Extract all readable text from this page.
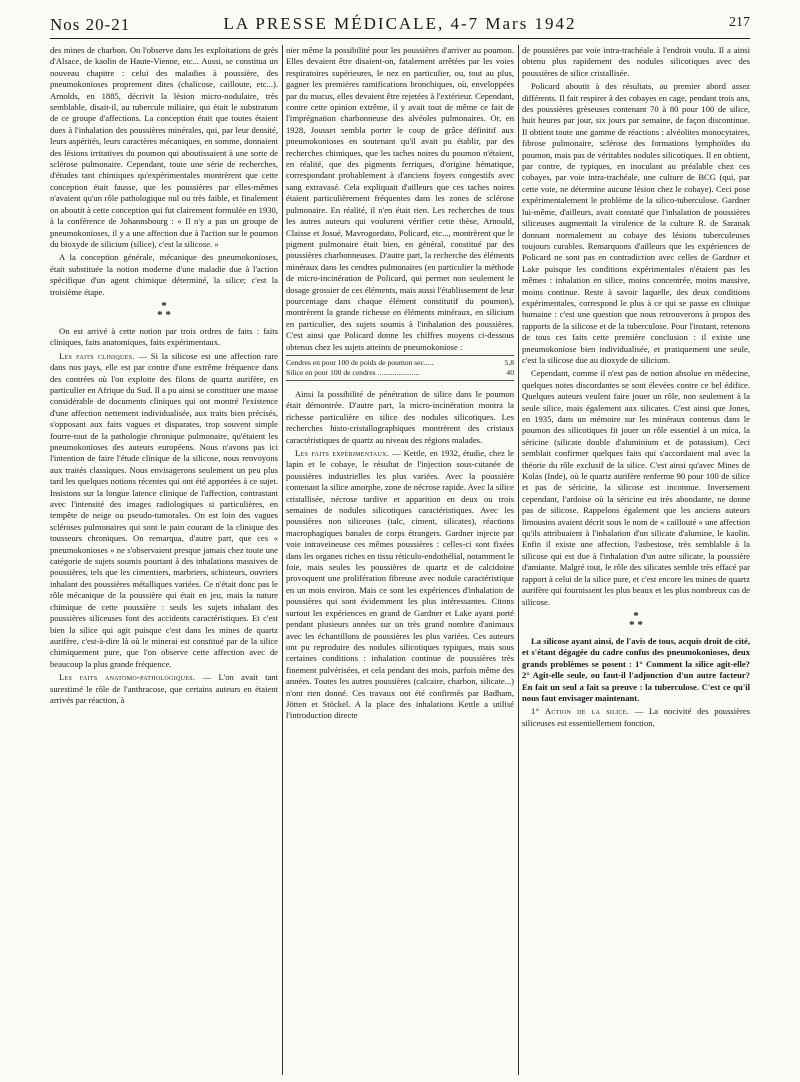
Nos 20-21	LA PRESSE MÉDICALE, 4-7 Mars 1942	217

des mines de charbon. On l'observe dans les exploitations de grès d'Alsace, de kaolin de Haute-Vienne, etc... Aussi, se constitua un nouveau chapitre : celui des maladies à poussière, des pneumokonioses proprement dites (chalicose, cailloute, etc...). Arnolds, en 1885, décrivit la lésion micro-nodulaire, très semblable, disait-il, au tubercule miliaire, qui était le substratum de ce groupe d'affections. La conception était que toutes étaient dues à l'inhalation des poussières minérales, qui, par leur densité, leurs aspérités, leurs caractères mécaniques, en somme, donnaient des lésions irritatives du poumon qui aboutissaient à une sorte de sclérose pulmonaire. Cependant, toute une série de recherches, d'études tant chimiques qu'expérimentales montrèrent que cette conception était fausse, que les poussières par elles-mêmes n'avaient qu'un rôle pathologique nul ou très faible, et finalement on aboutit à cette conception qui fut clairement formulée en 1930, à la conférence de Johannsbourg : « Il n'y a pas un groupe de pneumokonioses, il y a une affection due à l'action sur le poumon du bioxyde de silicium (silice), c'est la silicose. »

A la conception générale, mécanique des pneumokonioses, était substituée la notion moderne d'une maladie due à l'action spécifique d'un agent chimique déterminé, la silice; c'est la troisième étape.

*
* *

On est arrivé à cette notion par trois ordres de faits : faits cliniques, faits anatomiques, faits expérimentaux.

Les faits cliniques. — Si la silicose est une affection rare dans nos pays, elle est par contre d'une extrême fréquence dans des contrées où l'on exploite des filons de quartz aurifère, en particulier en Afrique du Sud. Il a pu ainsi se constituer une masse considérable de documents cliniques qui ont montré l'existence d'une affection nettement individualisée, aux traits bien précisés, s'opposant aux faits vagues et disparates, trop souvent simple fourre-tout de la pathologie chronique pulmonaire, qu'étaient les pneumokonioses des auteurs européens. Nous n'avons pas ici l'intention de faire l'étude clinique de la silicose, nous renvoyons aux traités classiques. Nous envisagerons seulement un peu plus tard les quelques notions récentes qui ont été apportées à ce sujet. Insistons sur la longue latence clinique de l'affection, contrastant avec l'intensité des images radiologiques si particulières, en tempête de neige ou pseudo-tumorales. On est loin des vagues scléroses pulmonaires qui sont le pain courant de la clinique des tousseurs chroniques. On remarqua, d'autre part, que ces « pneumokonioses » ne s'observaient presque jamais chez toute une catégorie de sujets soumis pourtant à des inhalations massives de poussières, tels que les cimentiers, marbriers, schisteurs, ouvriers inhalant des poussières métalliques variées. Ce n'était donc pas le rôle mécanique de la poussière qui était en jeu, mais la nature chimique de cette poussière : seuls les sujets inhalant des poussières siliceuses font des accidents caractéristiques. Et c'est bien la silice qui agit puisque c'est dans les mines de quartz aurifère, c'est-à-dire là où le minerai est constitué par de la silice chimiquement pure, que l'on observe cette affection avec de beaucoup la plus grande fréquence.

Les faits anatomo-pathologiques. — L'on avait tant surestimé le rôle de l'anthracose, que certains auteurs en étaient arrivés par réaction, à

nier même la possibilité pour les poussières d'arriver au poumon. Elles devaient être disaient-on, fatalement arrêtées par les voies respiratoires supérieures, le nez en particulier, ou, tout au plus, gagner les premières ramifications bronchiques, où, enveloppées par du mucus, elles devaient être rejetées à l'extérieur. Cependant, contre cette opinion extrême, il y avait tout de même ce fait de l'imprégnation charbonneuse des alvéoles pulmonaires. Or, en 1928, Jousset sembla porter le coup de grâce définitif aux pneumokonioses en soutenant qu'il avait pu établir, par des recherches chimiques, que les taches noires du poumon n'étaient, en réalité, que des pigments ferriques, d'origine hématique, correspondant probablement à d'anciens foyers congestifs avec sang extravasé. Cela expliquait d'ailleurs que ces taches noires étaient particulièrement fréquentes dans les zones de sclérose pulmonaire. En réalité, il n'en était rien. Les recherches de tous les autres auteurs qui voulurent vérifier cette thèse, Arnould, Claisse et Josué, Mavrogordato, Policard, etc..., montrèrent que le pigment pulmonaire était bien, en général, constitué par des poussières charbonneuses. D'autre part, la recherche des éléments minéraux dans les cendres pulmonaires (en particulier la méthode de micro-incinération de Policard, qui permet non seulement le dosage grossier de ces éléments, mais aussi l'établissement de leur pourcentage dans chaque élément constitutif du poumon), montrèrent la grande richesse en éléments minéraux, en silicium en particulier, des sujets soumis à l'inhalation des poussières. C'est ainsi que Policard donne les chiffres moyens ci-dessous obtenus chez les sujets atteints de pneumokoniose :

Cendres en pour 100 de poids de poumon sec.....	5,8
Silice en pour 100 de cendres ......................	40

Ainsi la possibilité de pénétration de silice dans le poumon était démontrée. D'autre part, la micro-incinération montra la richesse particulière en silice des nodules silicotiques. Les recherches histo-cristallographiques montrèrent des cristaux caractéristiques de quartz au niveau des régions malades.

Les faits expérimentaux. — Kettle, en 1932, étudie, chez le lapin et le cobaye, le résultat de l'injection sous-cutanée de poussières industrielles les plus variées. Avec la poussière contenant la silice amorphe, zone de nécrose rapide. Avec la silice cristallisée, nécrose tardive et apparition en deux ou trois semaines de nodules silicotiques caractéristiques. Avec les poussières non siliceuses (talc, ciment, silicates), réactions macrophagiques banales de corps étrangers. Gardner injecte par voie intraveineuse ces mêmes poussières : celles-ci sont fixées dans les organes riches en tissu réticulo-endothélial, notamment le foie, mais seules les poussières de quartz et de calcidoine provoquent une prolifération fibreuse avec nodule caractéristique en un mois environ. Mais ce sont les expériences d'inhalation de poussières qui sont évidemment les plus intéressantes. Citons surtout les expériences en grand de Gardner et Lake ayant porté pendant plusieurs années sur un très grand nombre d'animaux avec les échantillons de poussières les plus variées. Ces auteurs ont pu reproduire des nodules silicotiques typiques, mais sous certaines conditions : inhalation continue de poussières très finement pulvérisées, et cela pendant des mois, parfois même des années. Toutes les autres poussières (calcaire, charbon, silicate...) n'ont rien donné. Ces travaux ont été confirmés par Badham, Jötten et Stöckel. A la place des inhalations Kettle a utilisé l'introduction directe

de poussières par voie intra-trachéale à l'endroit voulu. Il a ainsi obtenu plus rapidement des nodules silicotiques avec des poussières de silice cristallisée.

Policard aboutit à des résultats, au premier abord assez différents. Il fait respirer à des cobayes en cage, pendant trois ans, des poussières grèseuses contenant 70 à 80 pour 100 de silice, huit heures par jour, six jours par semaine, de façon discontinue. Il obtient toute une gamme de réactions : alvéolites monocytaires, fibrose pulmonaire, sclérose des formations lymphoïdes du poumon, mais pas de véritables nodules silicotiques. Il en obtient, par contre, de typiques, en inoculant au préalable chez ces cobayes, par voie intra-trachéale, une culture de BCG (qui, par cette voie, ne détermine aucune lésion chez le cobaye). Ceci pose expérimentalement le problème de la silico-tuberculose. Gardner lui-même, d'ailleurs, avait constaté que l'inhalation de poussières siliceuses augmentait la virulence de la culture R. de Saranak donnant normalement au cobaye des lésions tuberculeuses toujours curables. Remarquons d'ailleurs que les expériences de Policard ne sont pas en contradiction avec celles de Gardner et Lake puisque les conditions expérimentales n'étaient pas les mêmes : inhalation en silice, moins concentrée, moins massive, moins continue. Reste à savoir laquelle, des deux conditions expérimentales, correspond le plus à ce qui se passe en clinique humaine : c'est une question que nous retrouverons à propos des rapports de la silicose et de la tuberculose. Pour l'instant, retenons de tous ces faits cette première conclusion : il existe une pneumokoniose bien individualisée, et pratiquement une seule, c'est la silicose due au dioxyde de silicium.

Cependant, comme il n'est pas de notion absolue en médecine, quelques notes discordantes se sont élevées contre ce bel édifice. Quelques auteurs veulent faire jouer un rôle, non seulement à la seule silice, mais également aux silicates. C'est ainsi que Jones, en 1935, dans un mémoire sur les minéraux contenus dans le poumon des silicotiques fit jouer un rôle essentiel à un mica, la séricine (silicate double d'aluminium et de potassium). Ceci semblait confirmer quelques faits qui s'accordaient mal avec la théorie du rôle exclusif de la silice. C'est ainsi qu'avec Mines de Kolas (Inde), où le quartz aurifère renferme 90 pour 100 de silice et pas de séricine, la silicose est inconnue. Inversement cependant, l'ardoise où la séricine est très abondante, ne donne pas de silicose. Rappelons également que les anciens auteurs limousins avaient décrit sous le nom de « caillouté » une affection qu'ils attribuaient à l'inhalation d'un silicate d'alumine, le kaolin. Enfin il existe une affection, l'asbestose, très semblable à la silicose qui est due à l'inhalation d'un autre silicate, la poussière d'amiante. Malgré tout, le rôle des silicates semble très effacé par rapport à celui de la silice pure, et c'est encore les mines de quartz aurifère qui fournissent les plus beaux et les plus nombreux cas de silicose.

*
* *

La silicose ayant ainsi, de l'avis de tous, acquis droit de cité, et s'étant dégagée du cadre confus des pneumokonioses, deux grands problèmes se posent : 1° Comment la silice agit-elle? 2° Agit-elle seule, ou faut-il l'adjonction d'un autre facteur? En fait un seul a fait sa preuve : la tuberculose. C'est ce qu'il nous faut envisager maintenant.

1° Action de la silice. — La nocivité des poussières siliceuses est essentiellement fonction,
